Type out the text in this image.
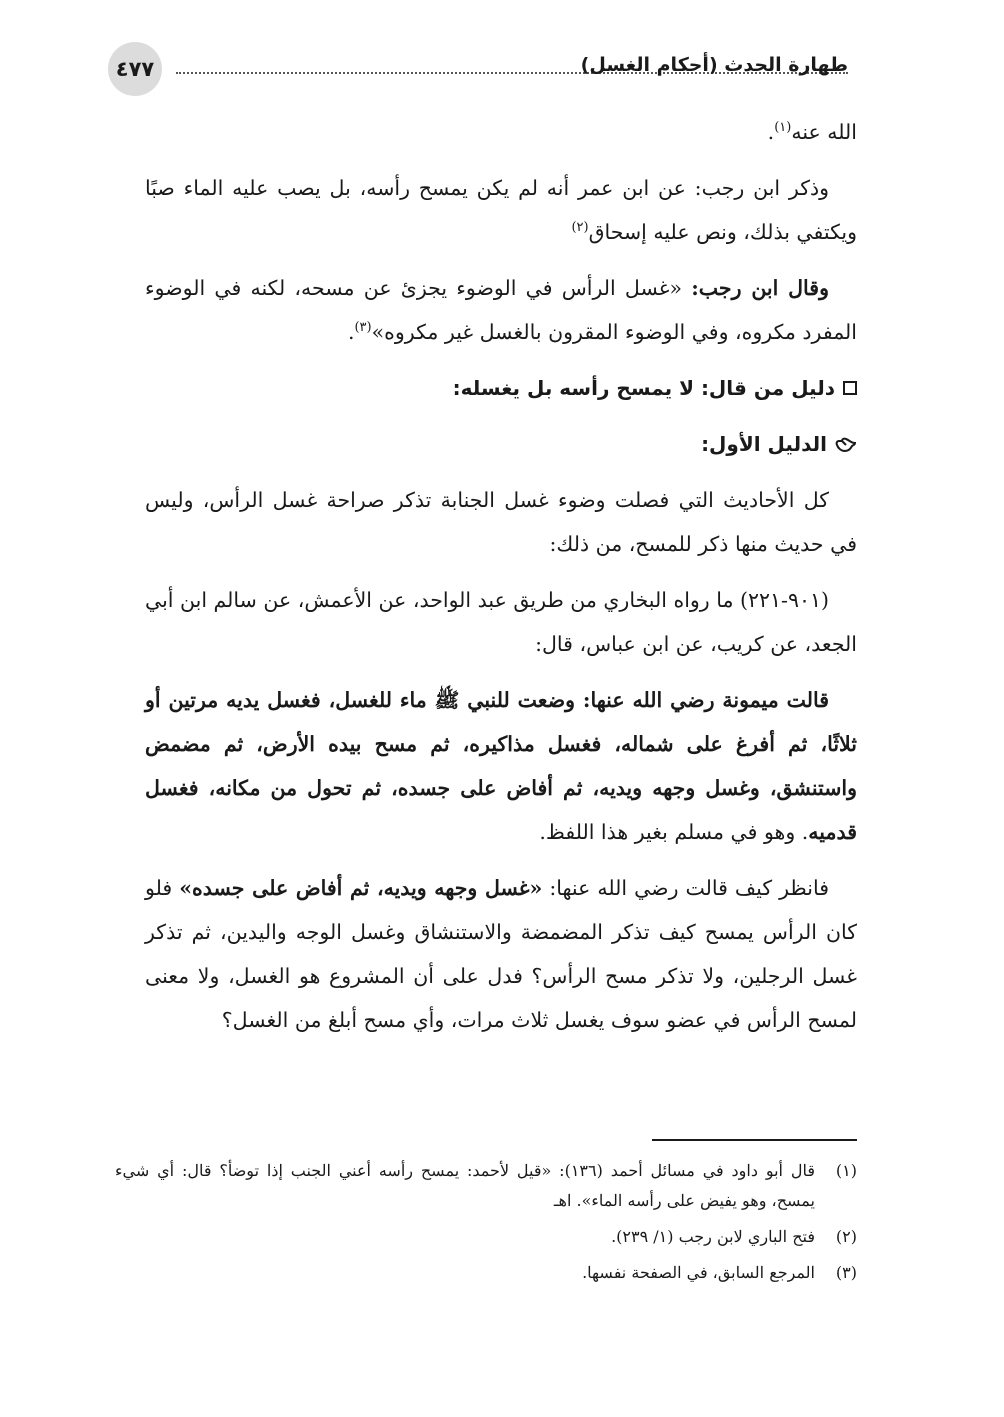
٤٧٧	طهارة الحدث (أحكام الغسل)

الله عنه$^{(١)}$.

وذكر ابن رجب: عن ابن عمر أنه لم يكن يمسح رأسه، بل يصب عليه الماء صبًا ويكتفي بذلك، ونص عليه إسحاق$^{(٢)}$

وقال ابن رجب: «غسل الرأس في الوضوء يجزئ عن مسحه، لكنه في الوضوء المفرد مكروه، وفي الوضوء المقرون بالغسل غير مكروه»$^{(٣)}$.

دليل من قال: لا يمسح رأسه بل يغسله:
الدليل الأول:

كل الأحاديث التي فصلت وضوء غسل الجنابة تذكر صراحة غسل الرأس، وليس في حديث منها ذكر للمسح، من ذلك:

(٩٠١-٢٢١) ما رواه البخاري من طريق عبد الواحد، عن الأعمش، عن سالم ابن أبي الجعد، عن كريب، عن ابن عباس، قال:

قالت ميمونة رضي الله عنها: وضعت للنبي ﷺ ماء للغسل، فغسل يديه مرتين أو ثلاثًا، ثم أفرغ على شماله، فغسل مذاكيره، ثم مسح بيده الأرض، ثم مضمض واستنشق، وغسل وجهه ويديه، ثم أفاض على جسده، ثم تحول من مكانه، فغسل قدميه. وهو في مسلم بغير هذا اللفظ.

فانظر كيف قالت رضي الله عنها: «غسل وجهه ويديه، ثم أفاض على جسده» فلو كان الرأس يمسح كيف تذكر المضمضة والاستنشاق وغسل الوجه واليدين، ثم تذكر غسل الرجلين، ولا تذكر مسح الرأس؟ فدل على أن المشروع هو الغسل، ولا معنى لمسح الرأس في عضو سوف يغسل ثلاث مرات، وأي مسح أبلغ من الغسل؟

(١)
قال أبو داود في مسائل أحمد (١٣٦): «قيل لأحمد: يمسح رأسه أعني الجنب إذا توضأ؟ قال: أي شيء يمسح، وهو يفيض على رأسه الماء». اهـ
(٢)
فتح الباري لابن رجب (١/ ٢٣٩).
(٣)
المرجع السابق، في الصفحة نفسها.
